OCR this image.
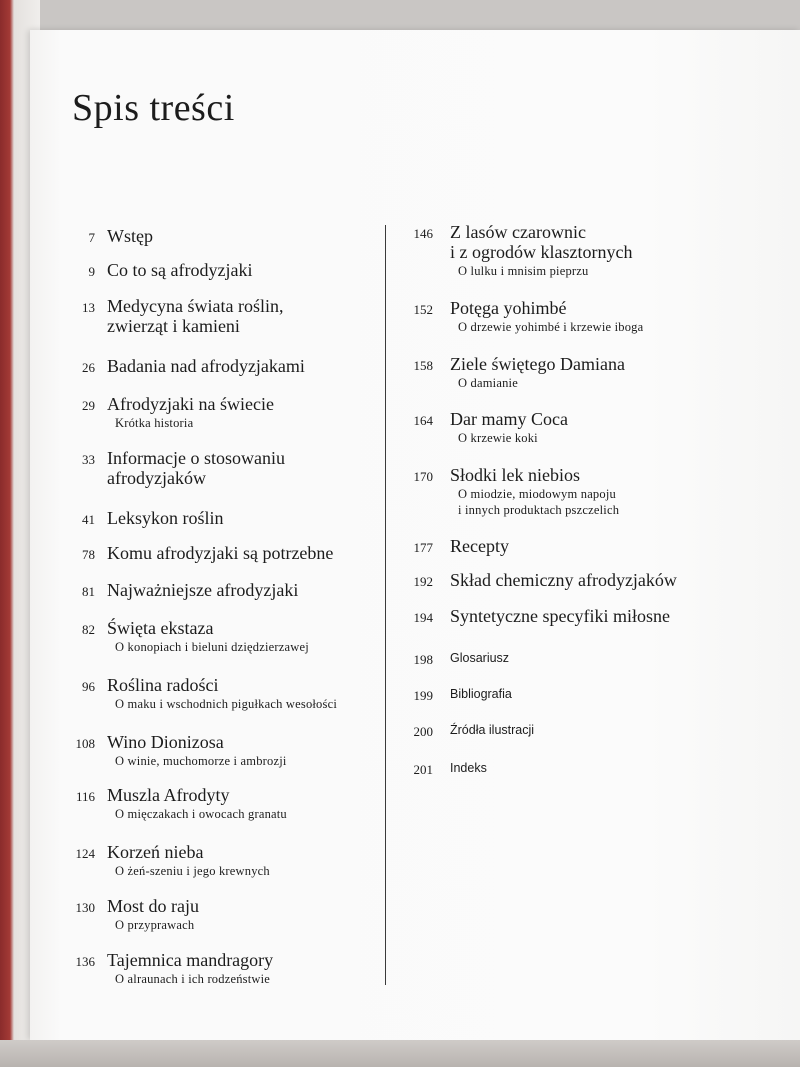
Spis treści
7 Wstęp
9 Co to są afrodyzjaki
13 Medycyna świata roślin,
zwierząt i kamieni
26 Badania nad afrodyzjakami
29 Afrodyzjaki na świecie
Krótka historia
33 Informacje o stosowaniu
afrodyzjaków
41 Leksykon roślin
78 Komu afrodyzjaki są potrzebne
81 Najważniejsze afrodyzjaki
82 Święta ekstaza
O konopiach i bieluni dziędzierzawej
96 Roślina radości
O maku i wschodnich pigułkach wesołości
108 Wino Dionizosa
O winie, muchomorze i ambrozji
116 Muszla Afrodyty
O mięczakach i owocach granatu
124 Korzeń nieba
O żeń-szeniu i jego krewnych
130 Most do raju
O przyprawach
136 Tajemnica mandragory
O alraunach i ich rodzeństwie
146 Z lasów czarownic
i z ogrodów klasztornych
O lulku i mnisim pieprzu
152 Potęga yohimbé
O drzewie yohimbé i krzewie iboga
158 Ziele świętego Damiana
O damianie
164 Dar mamy Coca
O krzewie koki
170 Słodki lek niebios
O miodzie, miodowym napoju
i innych produktach pszczelich
177 Recepty
192 Skład chemiczny afrodyzjaków
194 Syntetyczne specyfiki miłosne
198 Glosariusz
199 Bibliografia
200 Źródła ilustracji
201 Indeks
